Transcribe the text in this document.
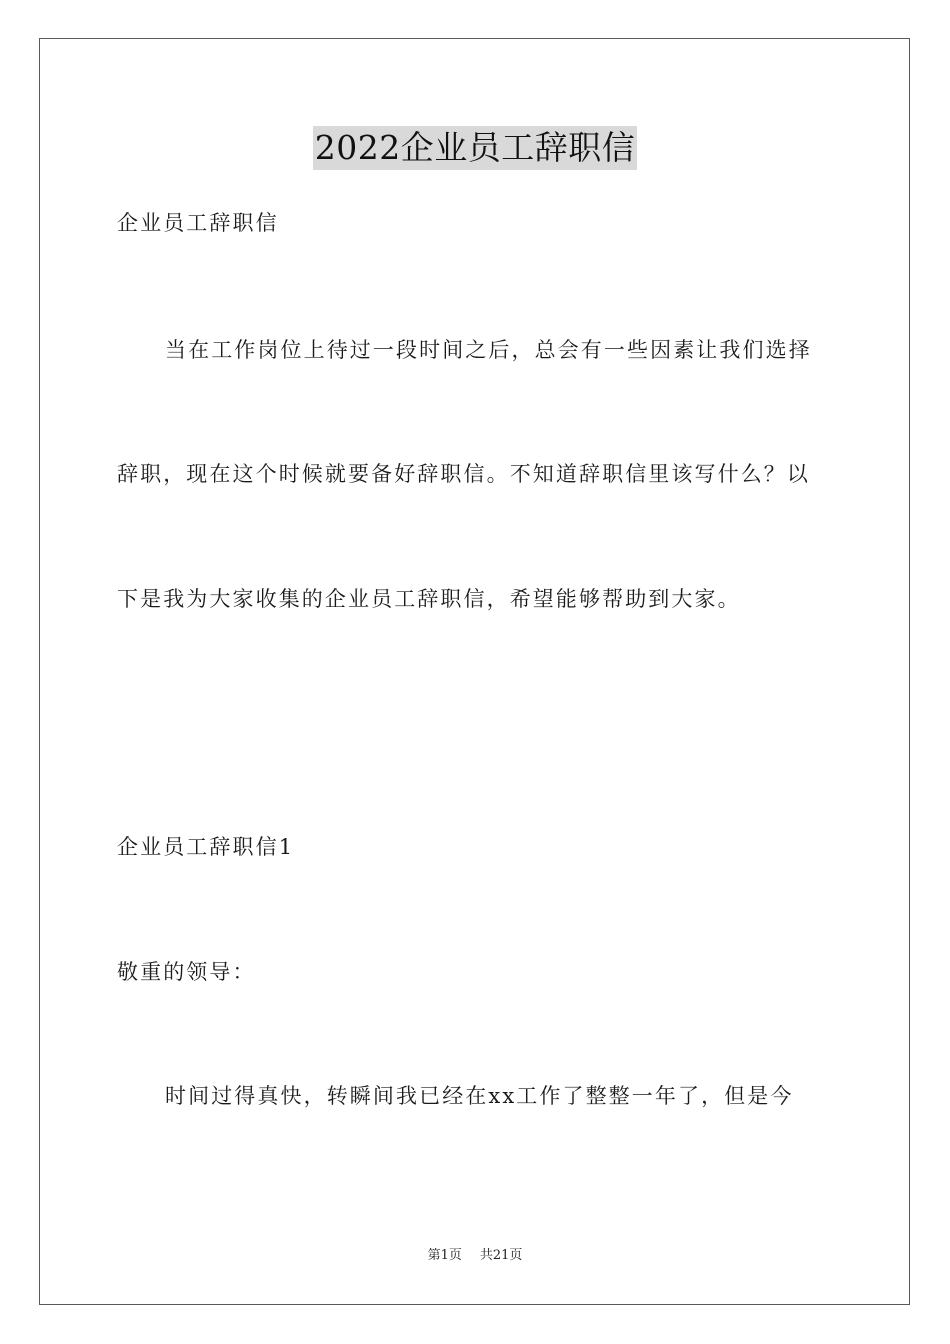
2022企业员工辞职信
企业员工辞职信
当在工作岗位上待过一段时间之后，总会有一些因素让我们选择
辞职，现在这个时候就要备好辞职信。不知道辞职信里该写什么？以
下是我为大家收集的企业员工辞职信，希望能够帮助到大家。
企业员工辞职信1
敬重的领导：
时间过得真快，转瞬间我已经在xx工作了整整一年了，但是今
第1页 共21页
